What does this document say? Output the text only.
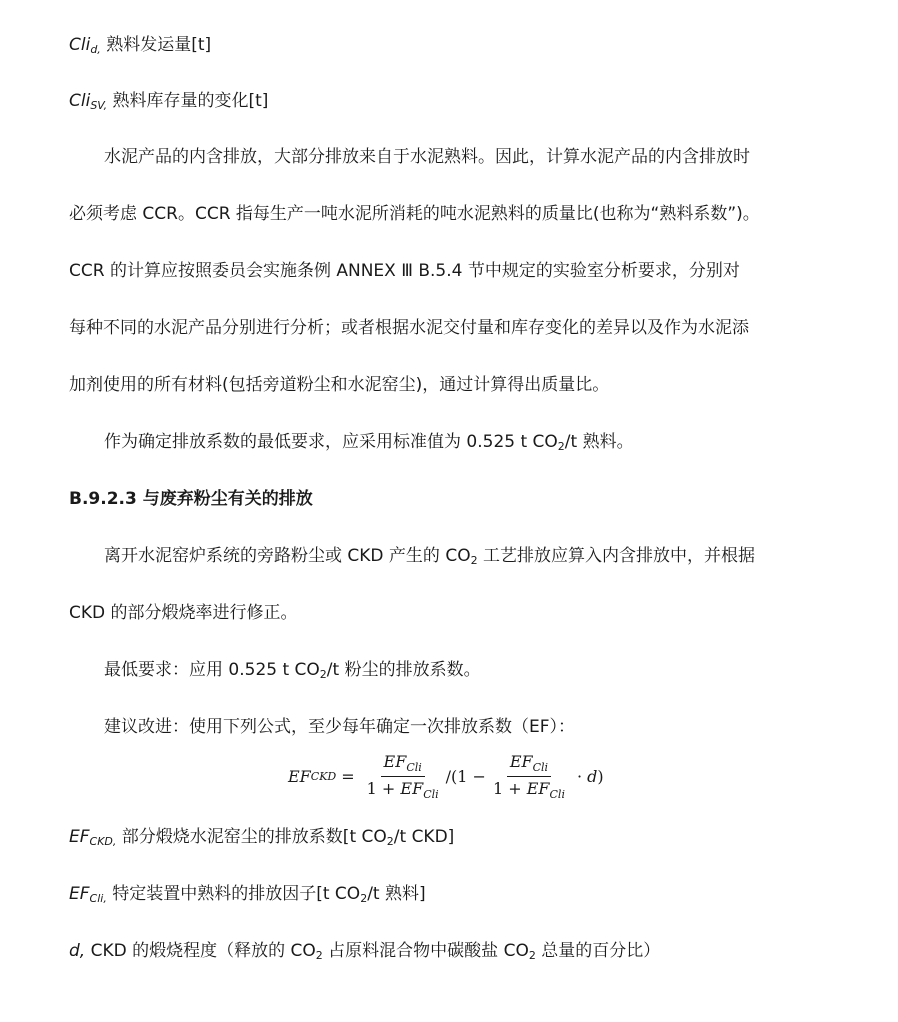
Cli$_{d,}$ 熟料发运量[t]
Cli$_{SV,}$ 熟料库存量的变化[t]
水泥产品的内含排放，大部分排放来自于水泥熟料。因此，计算水泥产品的内含排放时
必须考虑 CCR。CCR 指每生产一吨水泥所消耗的吨水泥熟料的质量比(也称为“熟料系数”)。
CCR 的计算应按照委员会实施条例 ANNEX Ⅲ B.5.4 节中规定的实验室分析要求，分别对
每种不同的水泥产品分别进行分析；或者根据水泥交付量和库存变化的差异以及作为水泥添
加剂使用的所有材料(包括旁道粉尘和水泥窑尘)，通过计算得出质量比。
作为确定排放系数的最低要求，应采用标准值为 0.525 t $CO_2/t$ 熟料。
B.9.2.3 与废弃粉尘有关的排放
离开水泥窑炉系统的旁路粉尘或 CKD 产生的 $CO_2$ 工艺排放应算入内含排放中，并根据
CKD 的部分煅烧率进行修正。
最低要求：应用 0.525 t $CO_2/t$ 粉尘的排放系数。
建议改进：使用下列公式，至少每年确定一次排放系数（EF）：
EF CKD = $\frac{EF_{Cli}}{1 + EF_{Cli}} /(1 - \frac{EF_{Cli}}{1 + EF_{Cli}} \cdot d$ )
$EF_{CKD,}$ 部分煅烧水泥窑尘的排放系数[t $CO_2/t$ CKD]
$EF_{Cli,}$ 特定装置中熟料的排放因子[t $CO_2/t$ 熟料]
d, CKD 的煅烧程度（释放的 $CO_2$ 占原料混合物中碳酸盐 $CO_2$ 总量的百分比）
